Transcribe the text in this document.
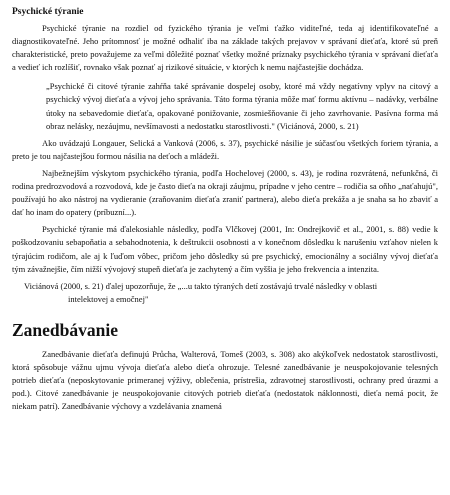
Psychické týranie

Psychické týranie na rozdiel od fyzického týrania je veľmi ťažko viditeľné, teda aj identifikovateľné a diagnostikovateľné. Jeho prítomnosť je možné odhaliť iba na základe takých prejavov v správaní dieťaťa, ktoré sú preň charakteristické, preto považujeme za veľmi dôležité poznať všetky možné príznaky psychického týrania v správaní dieťaťa a vedieť ich rozlíšiť, rovnako však poznať aj rizikové situácie, v ktorých k nemu najčastejšie dochádza.

„Psychické či citové týranie zahŕňa také správanie dospelej osoby, ktoré má vždy negatívny vplyv na citový a psychický vývoj dieťaťa a vývoj jeho správania. Táto forma týrania môže mať formu aktívnu – nadávky, verbálne útoky na sebavedomie dieťaťa, opakované ponižovanie, zosmiešňovanie či jeho zavrhovanie. Pasívna forma má obraz nelásky, nezáujmu, nevšímavosti a nedostatku starostlivosti." (Viciánová, 2000, s. 21)

Ako uvádzajú Longauer, Selická a Vanková (2006, s. 37), psychické násilie je súčasťou všetkých foriem týrania, a preto je tou najčastejšou formou násilia na deťoch a mládeži.

Najbežnejším výskytom psychického týrania, podľa Hochelovej (2000, s. 43), je rodina rozvrátená, nefunkčná, či rodina predrozvodová a rozvodová, kde je často dieťa na okraji záujmu, prípadne v jeho centre – rodičia sa oňho „naťahujú", používajú ho ako nástroj na vydieranie (zraňovanim dieťaťa zraniť partnera), alebo dieťa prekáža a je snaha sa ho zbaviť a dať ho inam do opatery (príbuzní...).

Psychické týranie má ďalekosiahle následky, podľa Vlčkovej (2001, In: Ondrejkovič et al., 2001, s. 88) vedie k poškodzovaniu sebapoňatia a sebahodnotenia, k deštrukcii osobnosti a v konečnom dôsledku k narušeniu vzťahov nielen k týrajúcim rodičom, ale aj k ľuďom vôbec, pričom jeho dôsledky sú pre psychický, emocionálny a sociálny vývoj dieťaťa tým závažnejšie, čím nižší vývojový stupeň dieťaťa je zachytený a čím vyššia je jeho frekvencia a intenzita.

Viciánová (2000, s. 21) ďalej upozorňuje, že „...u takto týraných detí zostávajú trvalé následky v oblasti
intelektovej a emočnej"
Zanedbávanie

Zanedbávanie dieťaťa definujú Průcha, Walterová, Tomeš (2003, s. 308) ako akýkoľvek nedostatok starostlivosti, ktorá spôsobuje vážnu ujmu vývoja dieťaťa alebo dieťa ohrozuje. Telesné zanedbávanie je neuspokojovanie telesných potrieb dieťaťa (neposkytovanie primeranej výživy, oblečenia, prístrešia, zdravotnej starostlivosti, ochrany pred úrazmi a pod.). Citové zanedbávanie je neuspokojovanie citových potrieb dieťaťa (nedostatok náklonnosti, dieťa nemá pocit, že niekam patrí). Zanedbávanie výchovy a vzdelávania znamená
